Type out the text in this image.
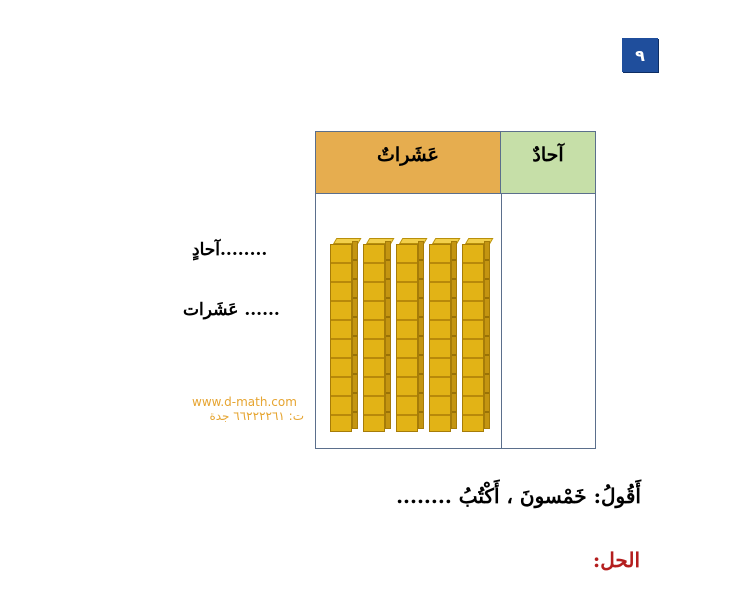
٩
عَشَراتٌ	آحادٌ
........آحادٍ
...... عَشَرات
www.d-math.com
ت: ٦٦٢٢٢٢٦١ جدة
أَقُولُ: خَمْسونَ ، أَكْتُبُ ........
الحل:
